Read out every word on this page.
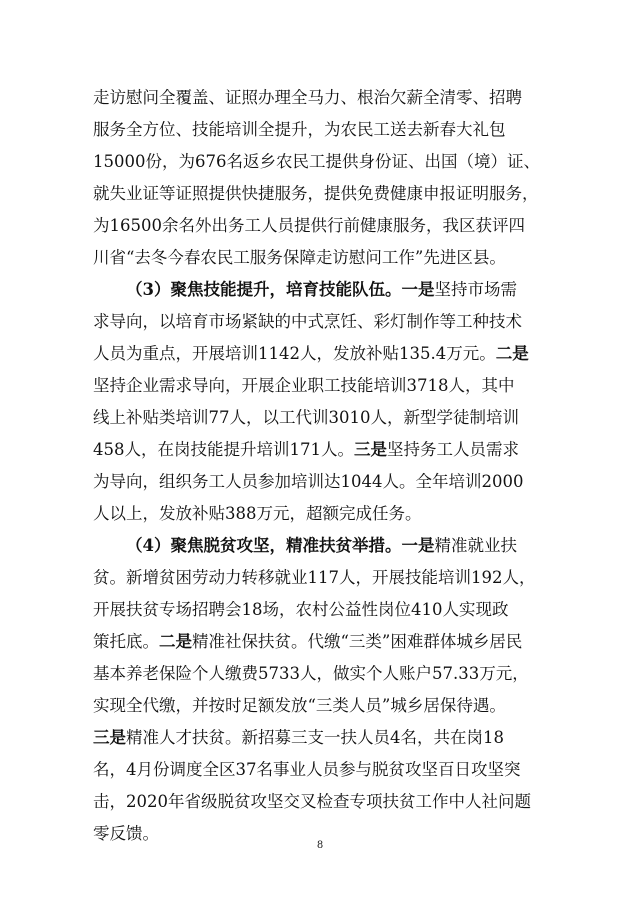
走访慰问全覆盖、证照办理全马力、根治欠薪全清零、招聘
服务全方位、技能培训全提升，为农民工送去新春大礼包
15000份，为676名返乡农民工提供身份证、出国（境）证、
就失业证等证照提供快捷服务，提供免费健康申报证明服务，
为16500余名外出务工人员提供行前健康服务，我区获评四
川省“去冬今春农民工服务保障走访慰问工作”先进区县。
（3）聚焦技能提升，培育技能队伍。一是坚持市场需
求导向，以培育市场紧缺的中式烹饪、彩灯制作等工种技术
人员为重点，开展培训1142人，发放补贴135.4万元。二是
坚持企业需求导向，开展企业职工技能培训3718人，其中
线上补贴类培训77人，以工代训3010人，新型学徒制培训
458人，在岗技能提升培训171人。三是坚持务工人员需求
为导向，组织务工人员参加培训达1044人。全年培训2000
人以上，发放补贴388万元，超额完成任务。
（4）聚焦脱贫攻坚，精准扶贫举措。一是精准就业扶
贫。新增贫困劳动力转移就业117人，开展技能培训192人，
开展扶贫专场招聘会18场，农村公益性岗位410人实现政
策托底。二是精准社保扶贫。代缴“三类”困难群体城乡居民
基本养老保险个人缴费5733人，做实个人账户57.33万元，
实现全代缴，并按时足额发放“三类人员”城乡居保待遇。
三是精准人才扶贫。新招募三支一扶人员4名，共在岗18
名，4月份调度全区37名事业人员参与脱贫攻坚百日攻坚突
击，2020年省级脱贫攻坚交叉检查专项扶贫工作中人社问题
零反馈。
8
